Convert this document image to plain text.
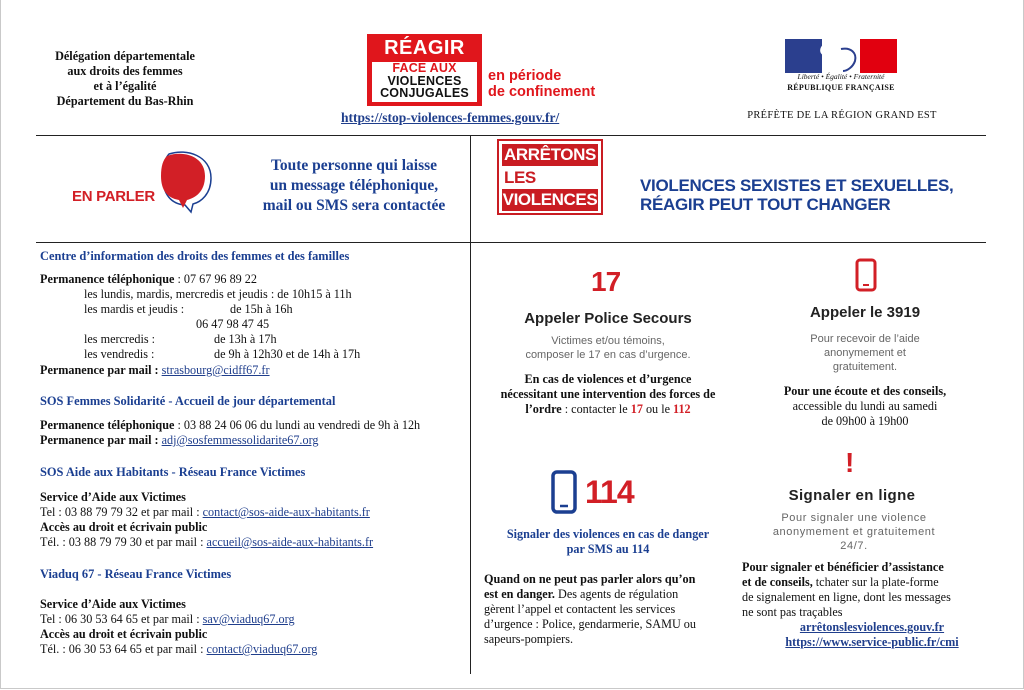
Délégation départementale
aux droits des femmes
et à l’égalité
Département du Bas-Rhin
RÉAGIR
FACE AUX
VIOLENCES
CONJUGALES
en période
de confinement
https://stop-violences-femmes.gouv.fr/
Liberté • Égalité • Fraternité
RÉPUBLIQUE FRANÇAISE
PRÉFÈTE DE LA RÉGION GRAND EST
EN PARLER
Toute personne qui laisse
un message téléphonique,
mail ou SMS sera contactée
ARRÊTONS
LES
VIOLENCES
VIOLENCES SEXISTES ET SEXUELLES,
RÉAGIR PEUT TOUT CHANGER
Centre d’information des droits des femmes et des familles
Permanence téléphonique : 07 67 96 89 22
les lundis, mardis, mercredis et jeudis : de 10h15 à 11h
les mardis et jeudis :	de 15h à 16h
06 47 98 47 45
les mercredis :	de 13h à 17h
les vendredis :	de 9h à 12h30 et de 14h à 17h
Permanence par mail : strasbourg@cidff67.fr
SOS Femmes Solidarité - Accueil de jour départemental
Permanence téléphonique : 03 88 24 06 06 du lundi au vendredi de 9h à 12h
Permanence par mail : adj@sosfemmessolidarite67.org
SOS Aide aux Habitants - Réseau France Victimes
Service d’Aide aux Victimes
Tel : 03 88 79 79 32 et par mail : contact@sos-aide-aux-habitants.fr
Accès au droit et écrivain public
Tél. : 03 88 79 79 30 et par mail : accueil@sos-aide-aux-habitants.fr
Viaduq 67 - Réseau France Victimes
Service d’Aide aux Victimes
Tel : 06 30 53 64 65 et par mail : sav@viaduq67.org
Accès au droit et écrivain public
Tél. : 06 30 53 64 65 et par mail : contact@viaduq67.org
17
Appeler Police Secours
Victimes et/ou témoins,
composer le 17 en cas d’urgence.
En cas de violences et d’urgence
nécessitant une intervention des forces de
l’ordre : contacter le 17 ou le 112
Appeler le 3919
Pour recevoir de l’aide
anonymement et
gratuitement.
Pour une écoute et des conseils,
accessible du lundi au samedi
de 09h00 à 19h00
114
Signaler des violences en cas de danger
par SMS au 114
Quand on ne peut pas parler alors qu’on
est en danger. Des agents de régulation
gèrent l’appel et contactent les services
d’urgence : Police, gendarmerie, SAMU ou
sapeurs-pompiers.
!
Signaler en ligne
Pour signaler une violence
anonymement et gratuitement
24/7.
Pour signaler et bénéficier d’assistance
et de conseils, tchater sur la plate-forme
de signalement en ligne, dont les messages
ne sont pas traçables
arrêtonslesviolences.gouv.fr
https://www.service-public.fr/cmi
